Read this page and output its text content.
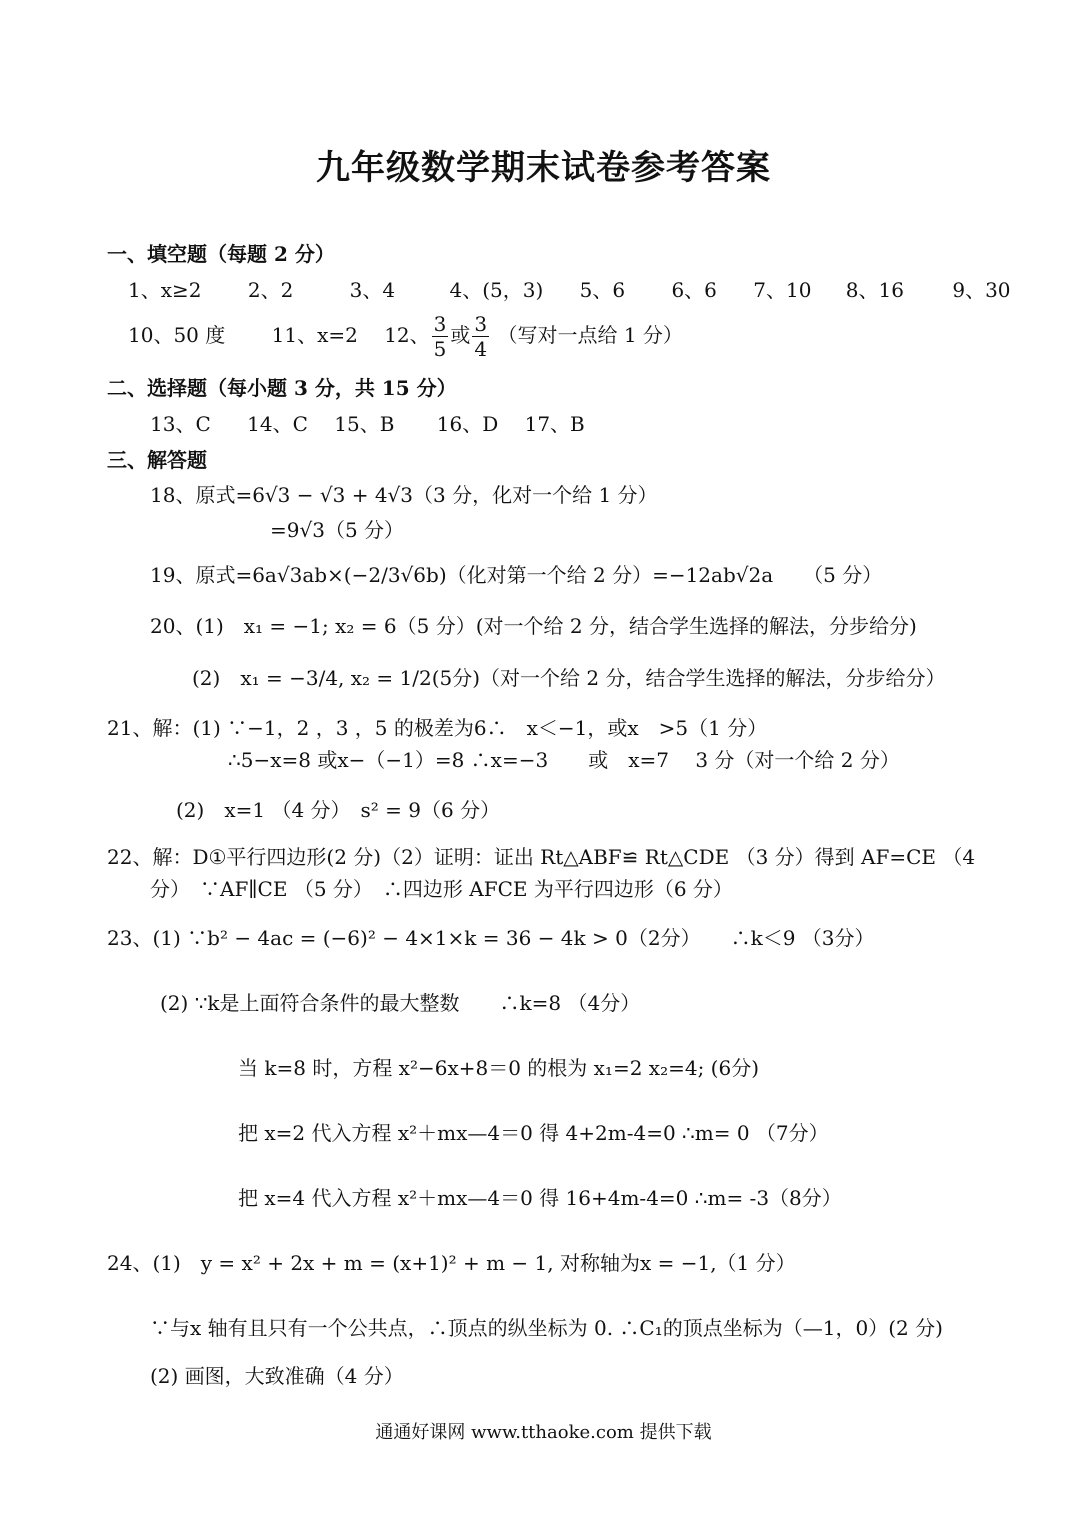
九年级数学期末试卷参考答案
一、填空题（每题 2 分）
1、x≥2 2、2	3、4	4、(5，3) 5、6 6、6 7、10 8、16 9、30
10、50 度 11、x=2 12、 $\frac{3}{5}$ 或 $\frac{3}{4}$ （写对一点给 1 分）
二、选择题（每小题 3 分，共 15 分）
13、C 14、C 15、B 16、D 17、B
三、解答题
18、原式=6√3 − √3 + 4√3（3 分，化对一个给 1 分）
=9√3（5 分）
19、原式=6a√3ab×(−2/3√6b)（化对第一个给 2 分）=−12ab√2a　　（5 分）
20、(1)　x₁ = −1; x₂ = 6（5 分）(对一个给 2 分，结合学生选择的解法，分步给分)
(2)　x₁ = −3/4, x₂ = 1/2(5分)（对一个给 2 分，结合学生选择的解法，分步给分）
21、解：(1) ∵−1，2 ，3 ，5 的极差为6∴　x＜−1，或x　>5（1 分）
∴5−x=8 或x−（−1）=8 ∴x=−3　　或　x=7　 3 分（对一个给 2 分）
(2)　x=1 （4 分）　s² = 9（6 分）
22、解：D①平行四边形(2 分)（2）证明：证出 Rt△ABF≌ Rt△CDE （3 分）得到 AF=CE （4
分）　∵AF∥CE （5 分）　∴四边形 AFCE 为平行四边形（6 分）
23、(1) ∵b² − 4ac = (−6)² − 4×1×k = 36 − 4k > 0（2分）　　∴k＜9 （3分）
(2) ∵k是上面符合条件的最大整数　　∴k=8 （4分）
当 k=8 时，方程 x²−6x+8＝0 的根为 x₁=2 x₂=4; (6分)
把 x=2 代入方程 x²＋mx—4＝0 得 4+2m-4=0 ∴m= 0 （7分）
把 x=4 代入方程 x²＋mx—4＝0 得 16+4m-4=0 ∴m= -3（8分）
24、(1)　y = x² + 2x + m = (x+1)² + m − 1, 对称轴为x = −1,（1 分）
∵与x 轴有且只有一个公共点，∴顶点的纵坐标为 0. ∴C₁的顶点坐标为（—1，0）(2 分)
(2) 画图，大致准确（4 分）
通通好课网 www.tthaoke.com 提供下载
